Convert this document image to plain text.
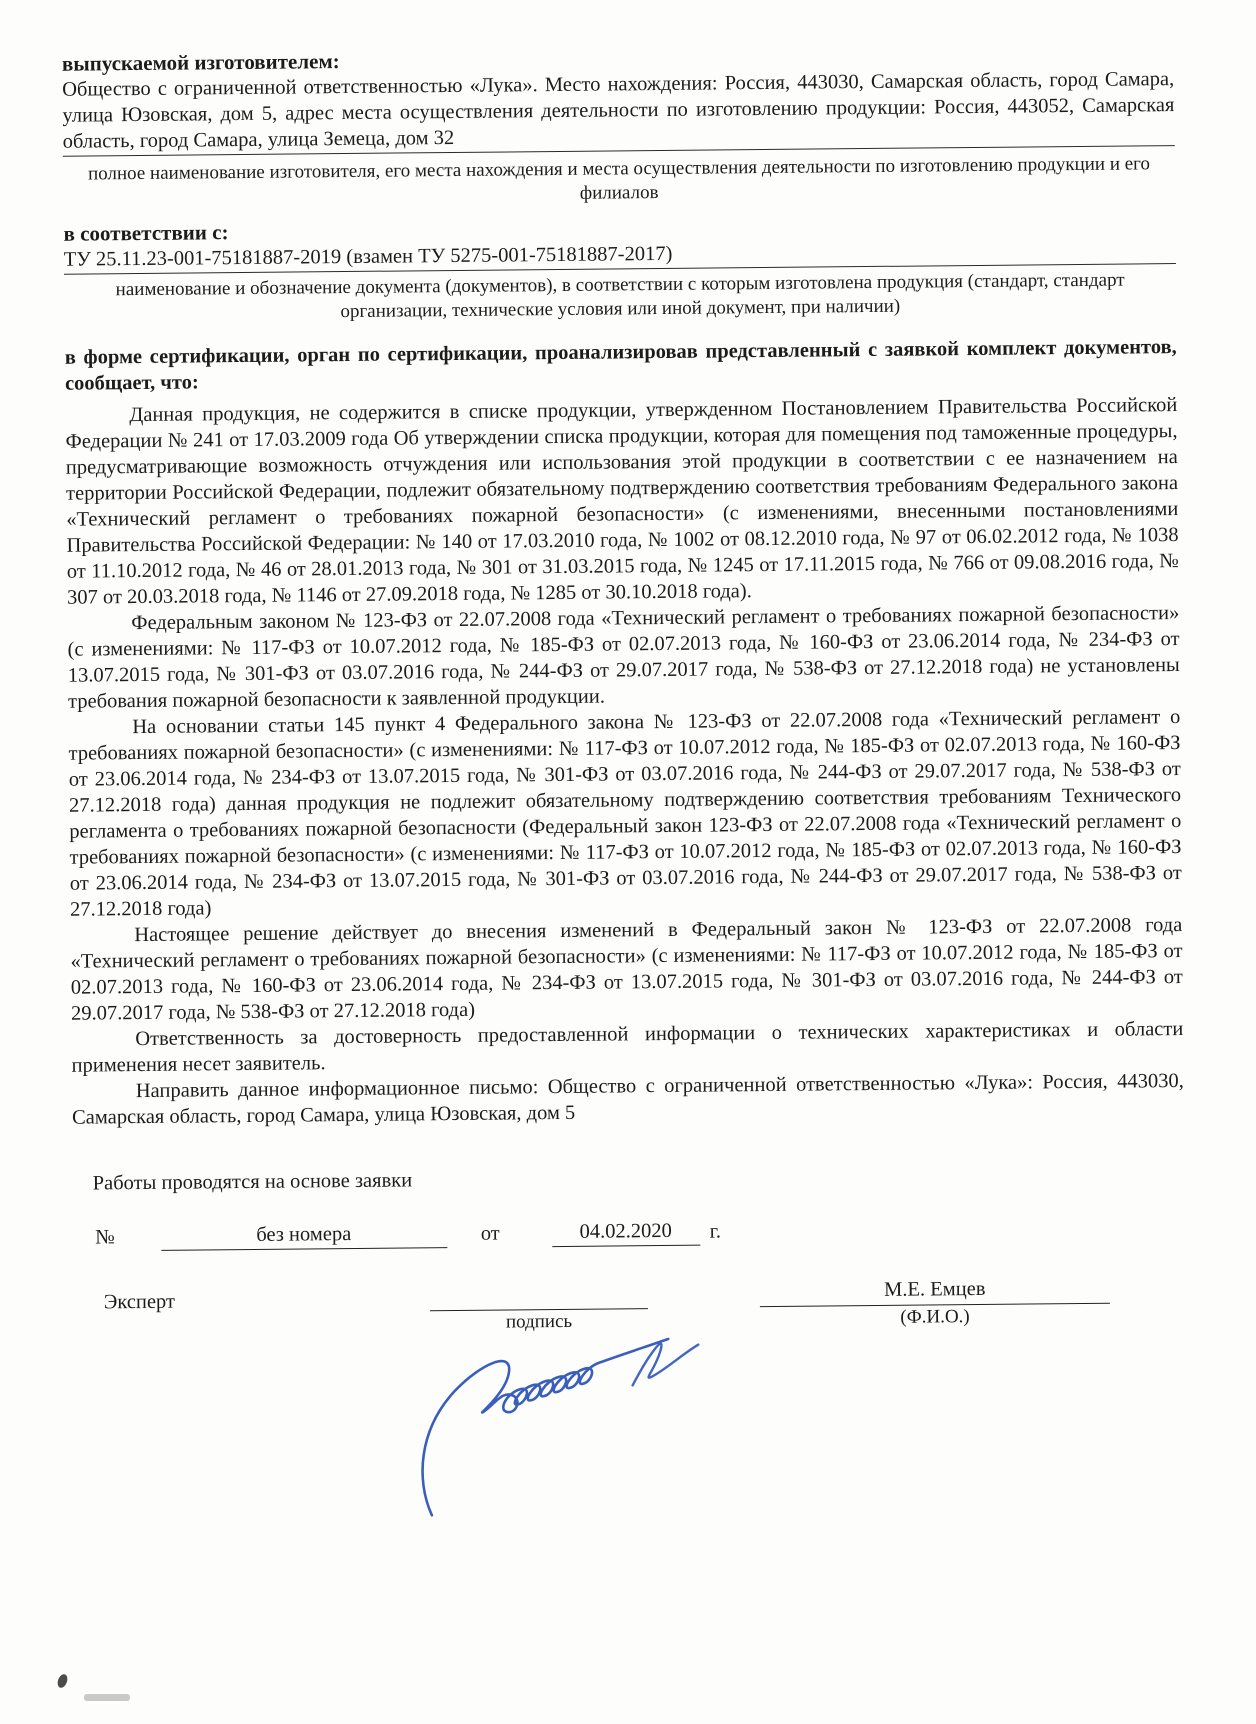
выпускаемой изготовителем:

Общество с ограниченной ответственностью «Лука». Место нахождения: Россия, 443030, Самарская область, город Самара, улица Юзовская, дом 5, адрес места осуществления деятельности по изготовлению продукции: Россия, 443052, Самарская область, город Самара, улица Земеца, дом 32

полное наименование изготовителя, его места нахождения и места осуществления деятельности по изготовлению продукции и его филиалов

в соответствии с:

ТУ 25.11.23-001-75181887-2019 (взамен ТУ 5275-001-75181887-2017)

наименование и обозначение документа (документов), в соответствии с которым изготовлена продукция (стандарт, стандарт организации, технические условия или иной документ, при наличии)

в форме сертификации, орган по сертификации, проанализировав представленный с заявкой комплект документов, сообщает, что:

Данная продукция, не содержится в списке продукции, утвержденном Постановлением Правительства Российской Федерации № 241 от 17.03.2009 года Об утверждении списка продукции, которая для помещения под таможенные процедуры, предусматривающие возможность отчуждения или использования этой продукции в соответствии с ее назначением на территории Российской Федерации, подлежит обязательному подтверждению соответствия требованиям Федерального закона «Технический регламент о требованиях пожарной безопасности» (с изменениями, внесенными постановлениями Правительства Российской Федерации: № 140 от 17.03.2010 года, № 1002 от 08.12.2010 года, № 97 от 06.02.2012 года, № 1038 от 11.10.2012 года, № 46 от 28.01.2013 года, № 301 от 31.03.2015 года, № 1245 от 17.11.2015 года, № 766 от 09.08.2016 года, № 307 от 20.03.2018 года, № 1146 от 27.09.2018 года, № 1285 от 30.10.2018 года).

Федеральным законом № 123-ФЗ от 22.07.2008 года «Технический регламент о требованиях пожарной безопасности» (с изменениями: № 117-ФЗ от 10.07.2012 года, № 185-ФЗ от 02.07.2013 года, № 160-ФЗ от 23.06.2014 года, № 234-ФЗ от 13.07.2015 года, № 301-ФЗ от 03.07.2016 года, № 244-ФЗ от 29.07.2017 года, № 538-ФЗ от 27.12.2018 года) не установлены требования пожарной безопасности к заявленной продукции.

На основании статьи 145 пункт 4 Федерального закона № 123-ФЗ от 22.07.2008 года «Технический регламент о требованиях пожарной безопасности» (с изменениями: № 117-ФЗ от 10.07.2012 года, № 185-ФЗ от 02.07.2013 года, № 160-ФЗ от 23.06.2014 года, № 234-ФЗ от 13.07.2015 года, № 301-ФЗ от 03.07.2016 года, № 244-ФЗ от 29.07.2017 года, № 538-ФЗ от 27.12.2018 года) данная продукция не подлежит обязательному подтверждению соответствия требованиям Технического регламента о требованиях пожарной безопасности (Федеральный закон 123-ФЗ от 22.07.2008 года «Технический регламент о требованиях пожарной безопасности» (с изменениями: № 117-ФЗ от 10.07.2012 года, № 185-ФЗ от 02.07.2013 года, № 160-ФЗ от 23.06.2014 года, № 234-ФЗ от 13.07.2015 года, № 301-ФЗ от 03.07.2016 года, № 244-ФЗ от 29.07.2017 года, № 538-ФЗ от 27.12.2018 года)

Настоящее решение действует до внесения изменений в Федеральный закон № 123-ФЗ от 22.07.2008 года «Технический регламент о требованиях пожарной безопасности» (с изменениями: № 117-ФЗ от 10.07.2012 года, № 185-ФЗ от 02.07.2013 года, № 160-ФЗ от 23.06.2014 года, № 234-ФЗ от 13.07.2015 года, № 301-ФЗ от 03.07.2016 года, № 244-ФЗ от 29.07.2017 года, № 538-ФЗ от 27.12.2018 года)

Ответственность за достоверность предоставленной информации о технических характеристиках и области применения несет заявитель.

Направить данное информационное письмо: Общество с ограниченной ответственностью «Лука»: Россия, 443030, Самарская область, город Самара, улица Юзовская, дом 5

Работы проводятся на основе заявки

№	без номера	от	04.02.2020	г.
Эксперт
подпись
М.Е. Емцев
(Ф.И.О.)
